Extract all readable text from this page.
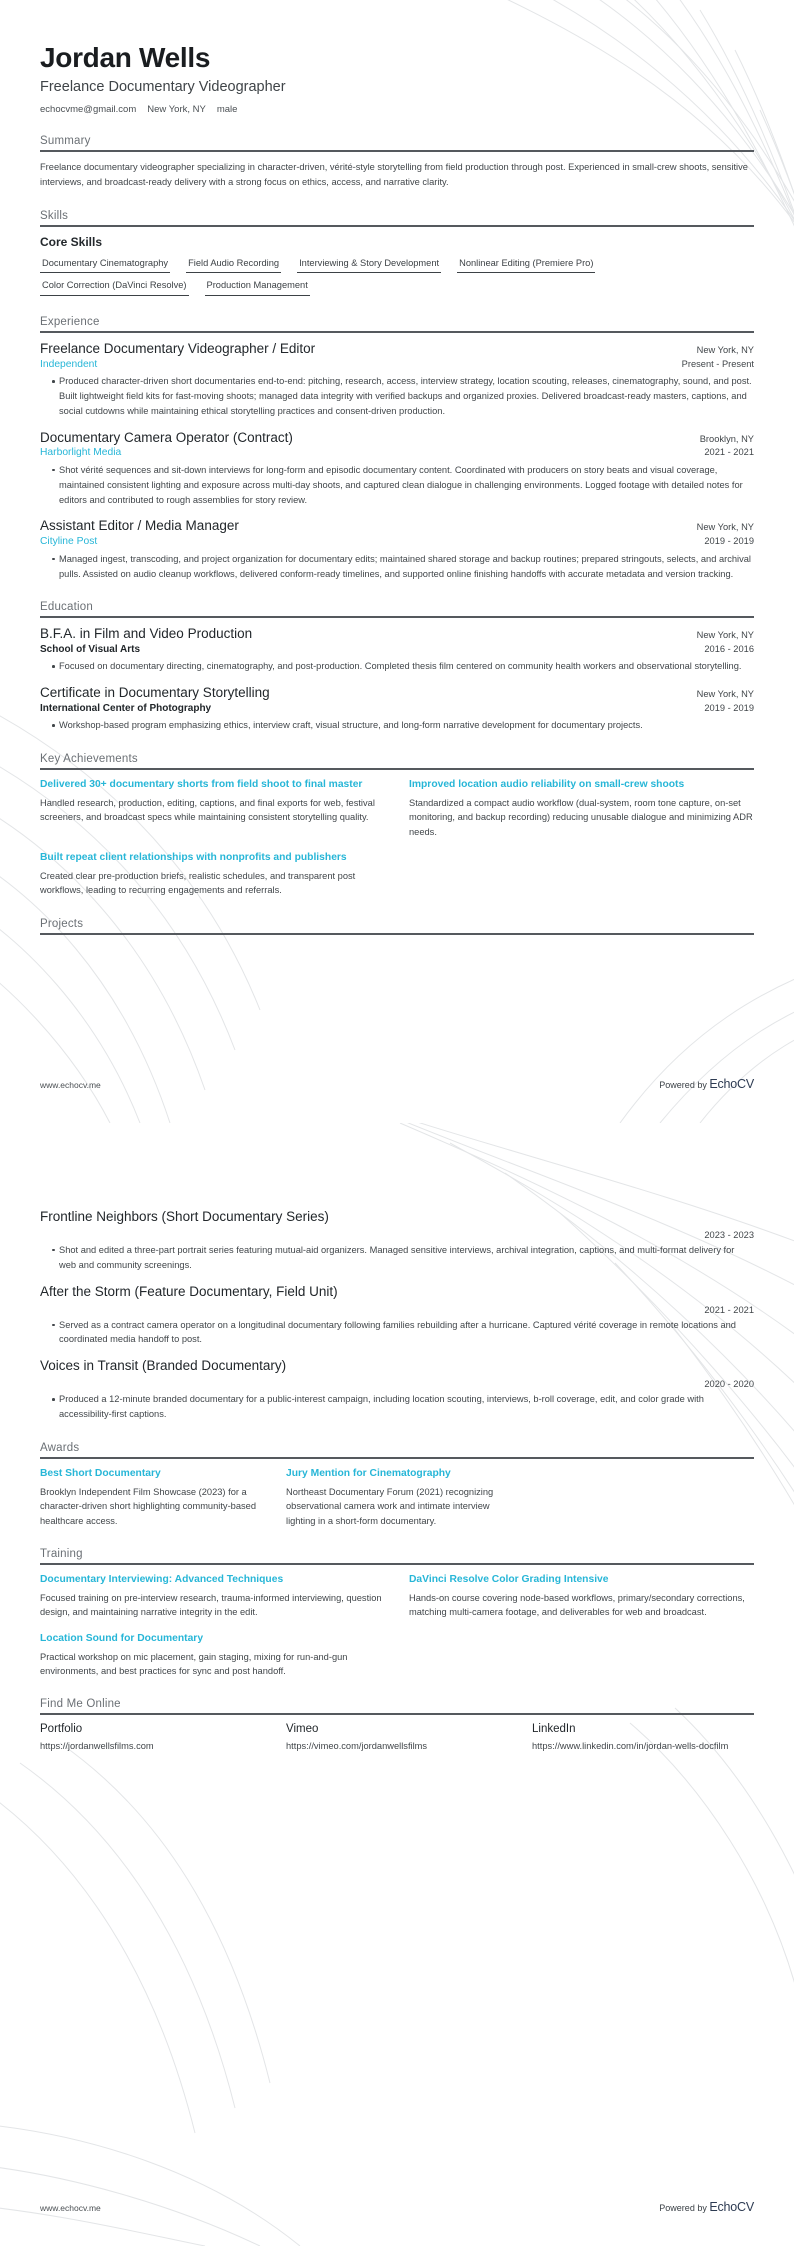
Jordan Wells
Freelance Documentary Videographer
echocvme@gmail.com New York, NY male
Summary
Freelance documentary videographer specializing in character-driven, vérité-style storytelling from field production through post. Experienced in small-crew shoots, sensitive interviews, and broadcast-ready delivery with a strong focus on ethics, access, and narrative clarity.
Skills
Core Skills
Documentary Cinematography Field Audio Recording Interviewing & Story Development Nonlinear Editing (Premiere Pro)
Color Correction (DaVinci Resolve) Production Management
Experience
Freelance Documentary Videographer / Editor	New York, NY
Independent	Present - Present
Produced character-driven short documentaries end-to-end: pitching, research, access, interview strategy, location scouting, releases, cinematography, sound, and post. Built lightweight field kits for fast-moving shoots; managed data integrity with verified backups and organized proxies. Delivered broadcast-ready masters, captions, and social cutdowns while maintaining ethical storytelling practices and consent-driven production.
Documentary Camera Operator (Contract)	Brooklyn, NY
Harborlight Media	2021 - 2021
Shot vérité sequences and sit-down interviews for long-form and episodic documentary content. Coordinated with producers on story beats and visual coverage, maintained consistent lighting and exposure across multi-day shoots, and captured clean dialogue in challenging environments. Logged footage with detailed notes for editors and contributed to rough assemblies for story review.
Assistant Editor / Media Manager	New York, NY
Cityline Post	2019 - 2019
Managed ingest, transcoding, and project organization for documentary edits; maintained shared storage and backup routines; prepared stringouts, selects, and archival pulls. Assisted on audio cleanup workflows, delivered conform-ready timelines, and supported online finishing handoffs with accurate metadata and version tracking.
Education
B.F.A. in Film and Video Production	New York, NY
School of Visual Arts	2016 - 2016
Focused on documentary directing, cinematography, and post-production. Completed thesis film centered on community health workers and observational storytelling.
Certificate in Documentary Storytelling	New York, NY
International Center of Photography	2019 - 2019
Workshop-based program emphasizing ethics, interview craft, visual structure, and long-form narrative development for documentary projects.
Key Achievements
Delivered 30+ documentary shorts from field shoot to final master
Handled research, production, editing, captions, and final exports for web, festival screeners, and broadcast specs while maintaining consistent storytelling quality.
Improved location audio reliability on small-crew shoots
Standardized a compact audio workflow (dual-system, room tone capture, on-set monitoring, and backup recording) reducing unusable dialogue and minimizing ADR needs.
Built repeat client relationships with nonprofits and publishers
Created clear pre-production briefs, realistic schedules, and transparent post workflows, leading to recurring engagements and referrals.
Projects
www.echocv.me	Powered by EchoCV
Frontline Neighbors (Short Documentary Series)
2023 - 2023
Shot and edited a three-part portrait series featuring mutual-aid organizers. Managed sensitive interviews, archival integration, captions, and multi-format delivery for web and community screenings.
After the Storm (Feature Documentary, Field Unit)
2021 - 2021
Served as a contract camera operator on a longitudinal documentary following families rebuilding after a hurricane. Captured vérité coverage in remote locations and coordinated media handoff to post.
Voices in Transit (Branded Documentary)
2020 - 2020
Produced a 12-minute branded documentary for a public-interest campaign, including location scouting, interviews, b-roll coverage, edit, and color grade with accessibility-first captions.
Awards
Best Short Documentary
Brooklyn Independent Film Showcase (2023) for a character-driven short highlighting community-based healthcare access.
Jury Mention for Cinematography
Northeast Documentary Forum (2021) recognizing observational camera work and intimate interview lighting in a short-form documentary.
Training
Documentary Interviewing: Advanced Techniques
Focused training on pre-interview research, trauma-informed interviewing, question design, and maintaining narrative integrity in the edit.
DaVinci Resolve Color Grading Intensive
Hands-on course covering node-based workflows, primary/secondary corrections, matching multi-camera footage, and deliverables for web and broadcast.
Location Sound for Documentary
Practical workshop on mic placement, gain staging, mixing for run-and-gun environments, and best practices for sync and post handoff.
Find Me Online
Portfolio
https://jordanwellsfilms.com
Vimeo
https://vimeo.com/jordanwellsfilms
LinkedIn
https://www.linkedin.com/in/jordan-wells-docfilm
www.echocv.me	Powered by EchoCV
